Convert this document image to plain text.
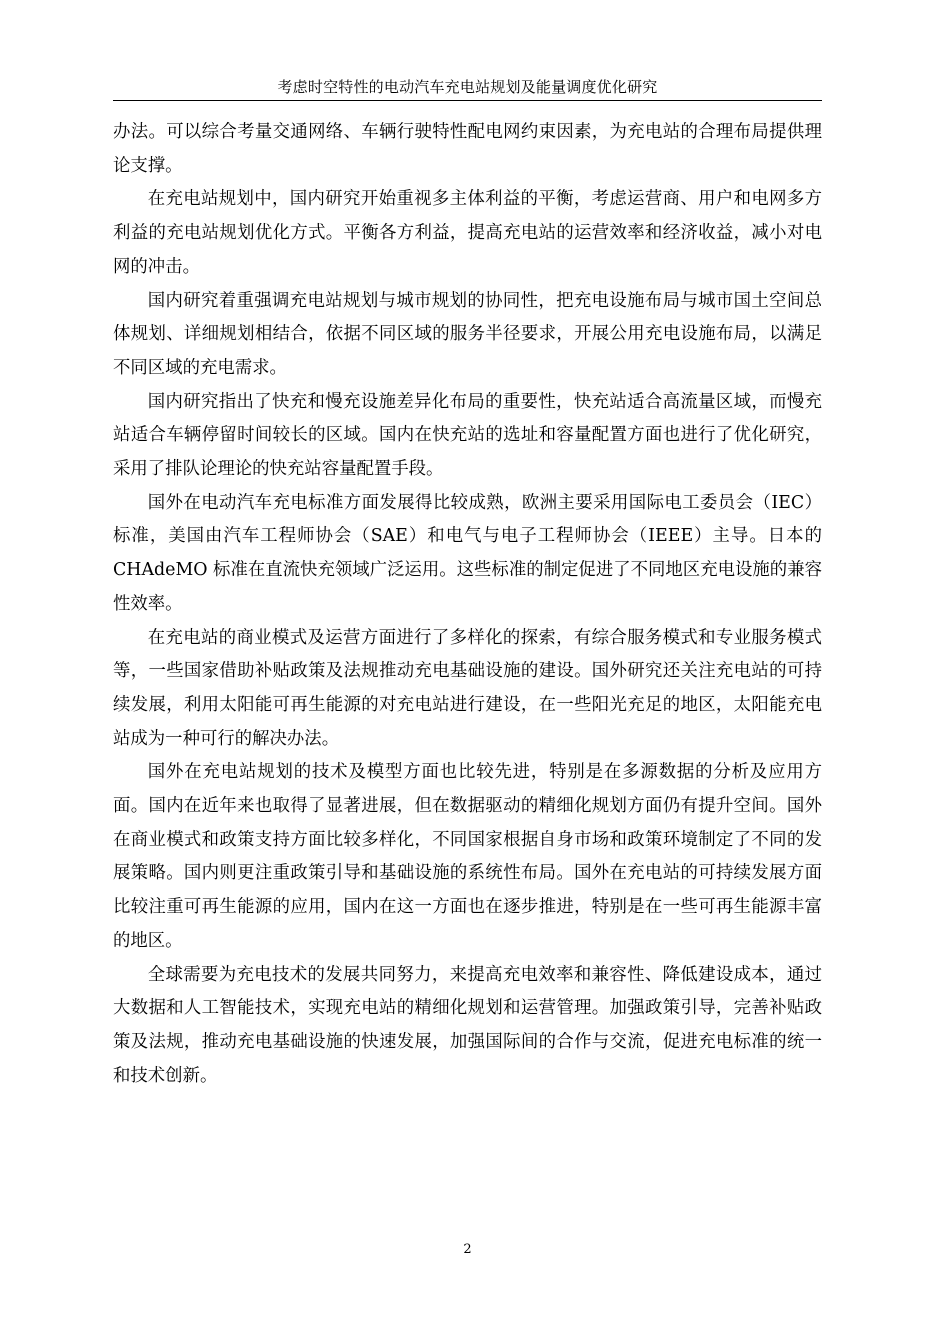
考虑时空特性的电动汽车充电站规划及能量调度优化研究

办法。可以综合考量交通网络、车辆行驶特性配电网约束因素，为充电站的合理布局提供理论支撑。

在充电站规划中，国内研究开始重视多主体利益的平衡，考虑运营商、用户和电网多方利益的充电站规划优化方式。平衡各方利益，提高充电站的运营效率和经济收益，减小对电网的冲击。

国内研究着重强调充电站规划与城市规划的协同性，把充电设施布局与城市国土空间总体规划、详细规划相结合，依据不同区域的服务半径要求，开展公用充电设施布局，以满足不同区域的充电需求。

国内研究指出了快充和慢充设施差异化布局的重要性，快充站适合高流量区域，而慢充站适合车辆停留时间较长的区域。国内在快充站的选址和容量配置方面也进行了优化研究，采用了排队论理论的快充站容量配置手段。

国外在电动汽车充电标准方面发展得比较成熟，欧洲主要采用国际电工委员会（IEC）标准，美国由汽车工程师协会（SAE）和电气与电子工程师协会（IEEE）主导。日本的 CHAdeMO 标准在直流快充领域广泛运用。这些标准的制定促进了不同地区充电设施的兼容性效率。

在充电站的商业模式及运营方面进行了多样化的探索，有综合服务模式和专业服务模式等，一些国家借助补贴政策及法规推动充电基础设施的建设。国外研究还关注充电站的可持续发展，利用太阳能可再生能源的对充电站进行建设，在一些阳光充足的地区，太阳能充电站成为一种可行的解决办法。

国外在充电站规划的技术及模型方面也比较先进，特别是在多源数据的分析及应用方面。国内在近年来也取得了显著进展，但在数据驱动的精细化规划方面仍有提升空间。国外在商业模式和政策支持方面比较多样化，不同国家根据自身市场和政策环境制定了不同的发展策略。国内则更注重政策引导和基础设施的系统性布局。国外在充电站的可持续发展方面比较注重可再生能源的应用，国内在这一方面也在逐步推进，特别是在一些可再生能源丰富的地区。

全球需要为充电技术的发展共同努力，来提高充电效率和兼容性、降低建设成本，通过大数据和人工智能技术，实现充电站的精细化规划和运营管理。加强政策引导，完善补贴政策及法规，推动充电基础设施的快速发展，加强国际间的合作与交流，促进充电标准的统一和技术创新。

2
